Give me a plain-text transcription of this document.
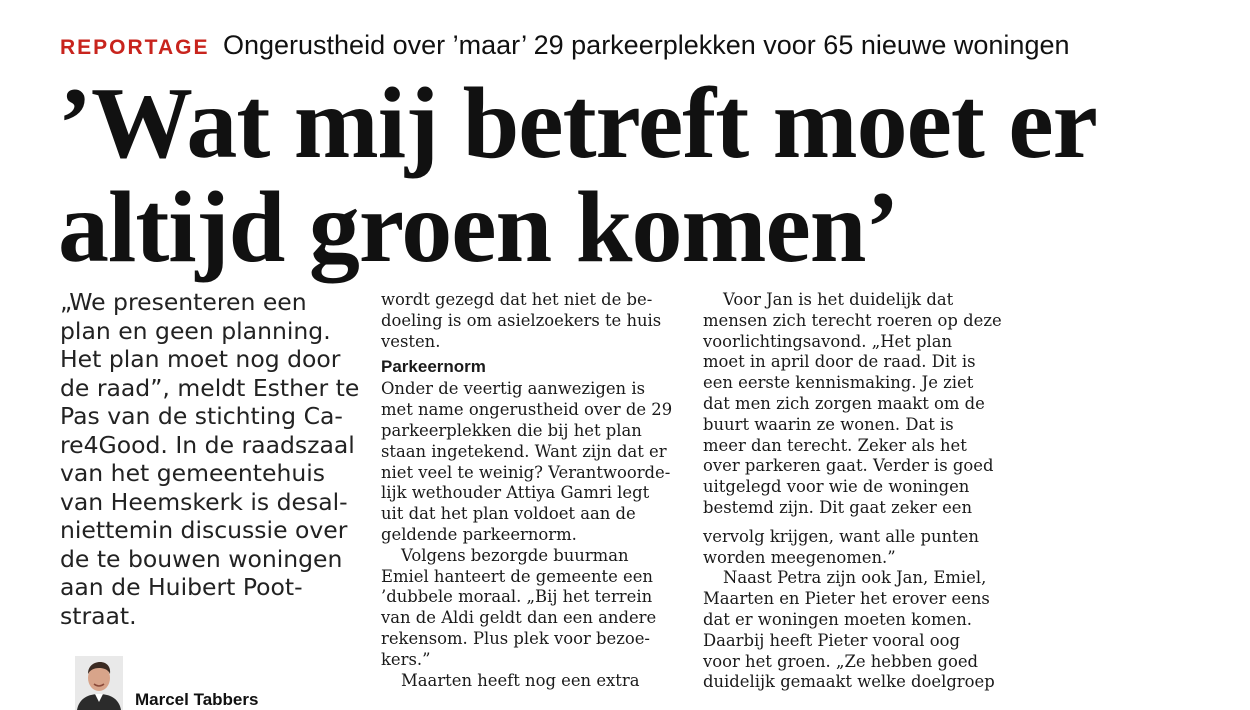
REPORTAGE Ongerustheid over ’maar’ 29 parkeerplekken voor 65 nieuwe woningen
’Wat mij betreft moet er
altijd groen komen’
„We presenteren een
plan en geen planning.
Het plan moet nog door
de raad”, meldt Esther te
Pas van de stichting Ca-
re4Good. In de raadszaal
van het gemeentehuis
van Heemskerk is desal-
niettemin discussie over
de te bouwen woningen
aan de Huibert Poot-
straat.
Marcel Tabbers
wordt gezegd dat het niet de be-
doeling is om asielzoekers te huis
vesten.
Parkeernorm
Onder de veertig aanwezigen is
met name ongerustheid over de 29
parkeerplekken die bij het plan
staan ingetekend. Want zijn dat er
niet veel te weinig? Verantwoorde-
lijk wethouder Attiya Gamri legt
uit dat het plan voldoet aan de
geldende parkeernorm.
Volgens bezorgde buurman
Emiel hanteert de gemeente een
’dubbele moraal. „Bij het terrein
van de Aldi geldt dan een andere
rekensom. Plus plek voor bezoe-
kers.”
Maarten heeft nog een extra
Voor Jan is het duidelijk dat
mensen zich terecht roeren op deze
voorlichtingsavond. „Het plan
moet in april door de raad. Dit is
een eerste kennismaking. Je ziet
dat men zich zorgen maakt om de
buurt waarin ze wonen. Dat is
meer dan terecht. Zeker als het
over parkeren gaat. Verder is goed
uitgelegd voor wie de woningen
bestemd zijn. Dit gaat zeker een
vervolg krijgen, want alle punten
worden meegenomen.”
Naast Petra zijn ook Jan, Emiel,
Maarten en Pieter het erover eens
dat er woningen moeten komen.
Daarbij heeft Pieter vooral oog
voor het groen. „Ze hebben goed
duidelijk gemaakt welke doelgroep
